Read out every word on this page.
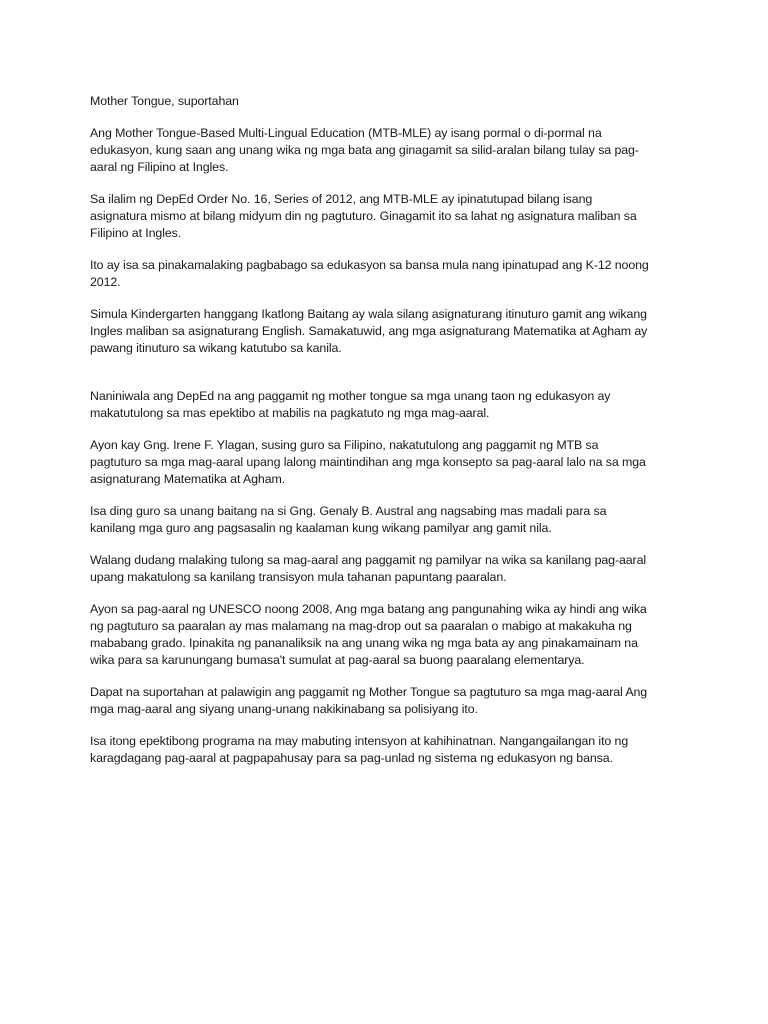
Mother Tongue, suportahan

Ang Mother Tongue-Based Multi-Lingual Education (MTB-MLE) ay isang pormal o di-pormal na edukasyon, kung saan ang unang wika ng mga bata ang ginagamit sa silid-aralan bilang tulay sa pag-aaral ng Filipino at Ingles.

Sa ilalim ng DepEd Order No. 16, Series of 2012, ang MTB-MLE ay ipinatutupad bilang isang asignatura mismo at bilang midyum din ng pagtuturo. Ginagamit ito sa lahat ng asignatura maliban sa Filipino at Ingles.

Ito ay isa sa pinakamalaking pagbabago sa edukasyon sa bansa mula nang ipinatupad ang K-12 noong 2012.

Simula Kindergarten hanggang Ikatlong Baitang ay wala silang asignaturang itinuturo gamit ang wikang Ingles maliban sa asignaturang English. Samakatuwid, ang mga asignaturang Matematika at Agham ay pawang itinuturo sa wikang katutubo sa kanila.

Naniniwala ang DepEd na ang paggamit ng mother tongue sa mga unang taon ng edukasyon ay makatutulong sa mas epektibo at mabilis na pagkatuto ng mga mag-aaral.

Ayon kay Gng. Irene F. Ylagan, susing guro sa Filipino, nakatutulong ang paggamit ng MTB sa pagtuturo sa mga mag-aaral upang lalong maintindihan ang mga konsepto sa pag-aaral lalo na sa mga asignaturang Matematika at Agham.

Isa ding guro sa unang baitang na si Gng. Genaly B. Austral ang nagsabing mas madali para sa kanilang mga guro ang pagsasalin ng kaalaman kung wikang pamilyar ang gamit nila.

Walang dudang malaking tulong sa mag-aaral ang paggamit ng pamilyar na wika sa kanilang pag-aaral upang makatulong sa kanilang transisyon mula tahanan papuntang paaralan.

Ayon sa pag-aaral ng UNESCO noong 2008, Ang mga batang ang pangunahing wika ay hindi ang wika ng pagtuturo sa paaralan ay mas malamang na mag-drop out sa paaralan o mabigo at makakuha ng mababang grado. Ipinakita ng pananaliksik na ang unang wika ng mga bata ay ang pinakamainam na wika para sa karunungang bumasa't sumulat at pag-aaral sa buong paaralang elementarya.

Dapat na suportahan at palawigin ang paggamit ng Mother Tongue sa pagtuturo sa mga mag-aaral Ang mga mag-aaral ang siyang unang-unang nakikinabang sa polisiyang ito.

Isa itong epektibong programa na may mabuting intensyon at kahihinatnan. Nangangailangan ito ng karagdagang pag-aaral at pagpapahusay para sa pag-unlad ng sistema ng edukasyon ng bansa.
